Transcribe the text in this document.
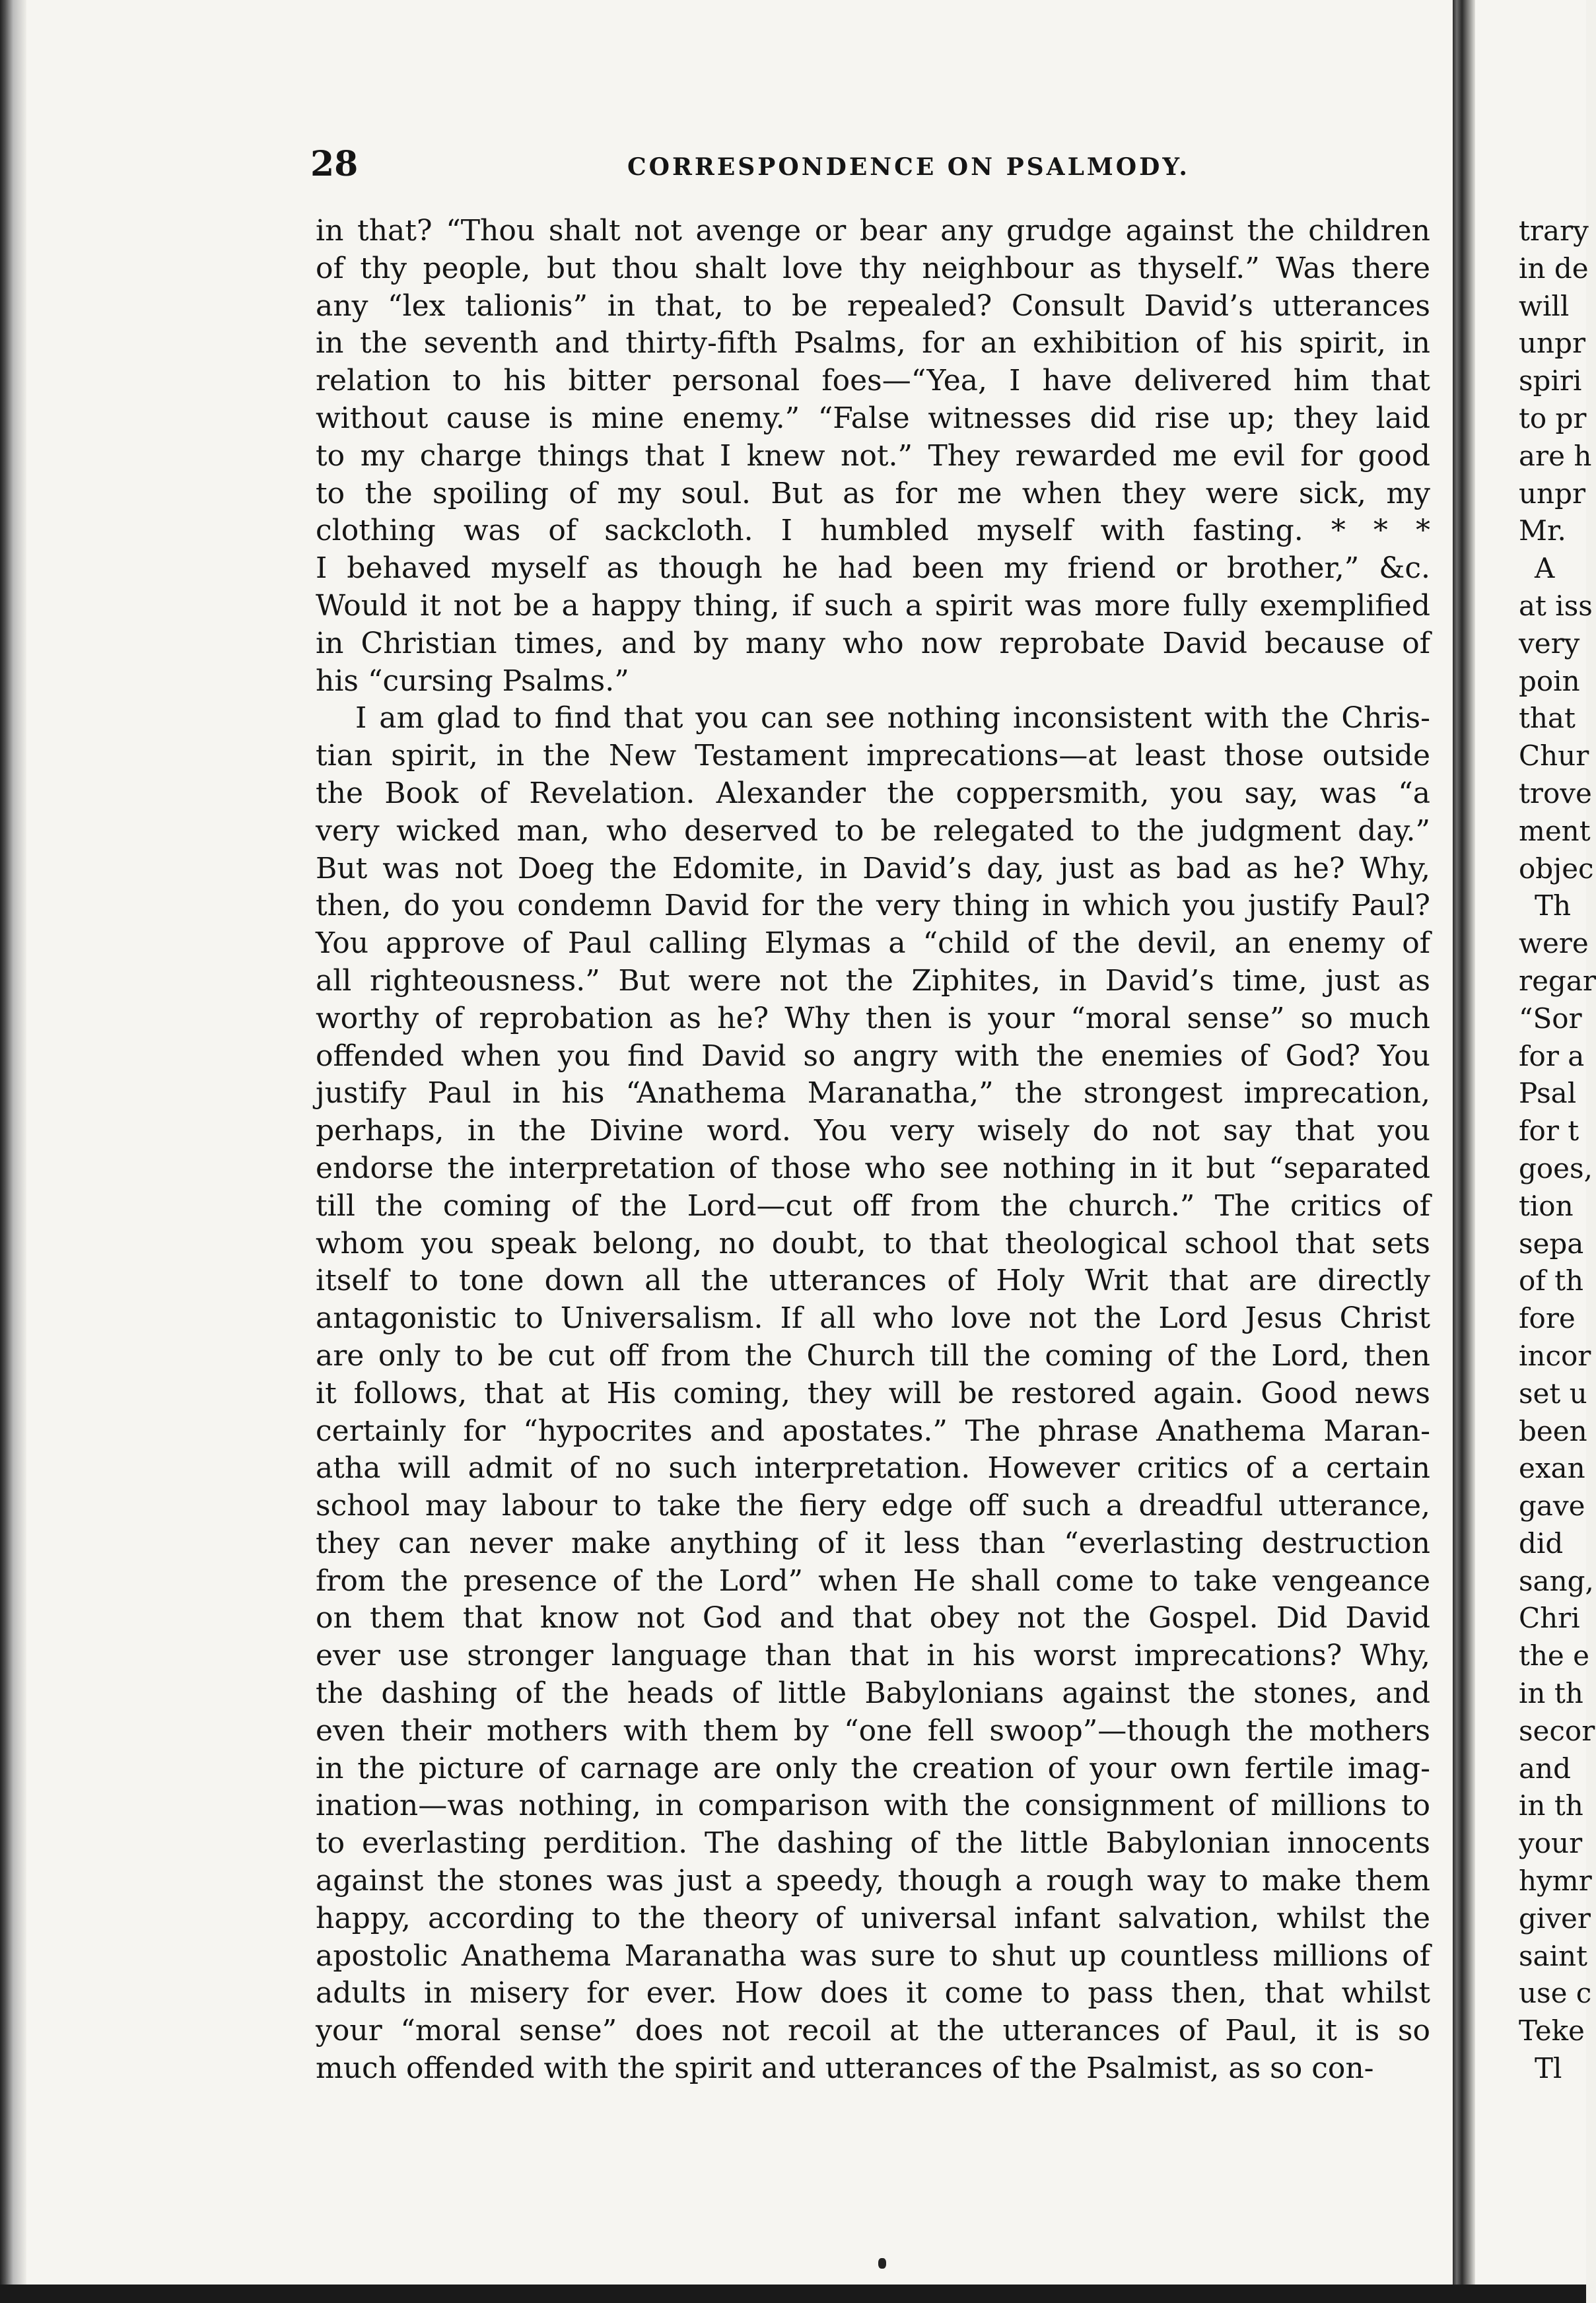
28	CORRESPONDENCE ON PSALMODY.
in that? “Thou shalt not avenge or bear any grudge against the children
of thy people, but thou shalt love thy neighbour as thyself.” Was there
any “lex talionis” in that, to be repealed? Consult David’s utterances
in the seventh and thirty-fifth Psalms, for an exhibition of his spirit, in
relation to his bitter personal foes—“Yea, I have delivered him that
without cause is mine enemy.” “False witnesses did rise up; they laid
to my charge things that I knew not.” They rewarded me evil for good
to the spoiling of my soul. But as for me when they were sick, my
clothing was of sackcloth. I humbled myself with fasting. * * *
I behaved myself as though he had been my friend or brother,” &c.
Would it not be a happy thing, if such a spirit was more fully exemplified
in Christian times, and by many who now reprobate David because of
his “cursing Psalms.”
I am glad to find that you can see nothing inconsistent with the Chris-
tian spirit, in the New Testament imprecations—at least those outside
the Book of Revelation. Alexander the coppersmith, you say, was “a
very wicked man, who deserved to be relegated to the judgment day.”
But was not Doeg the Edomite, in David’s day, just as bad as he? Why,
then, do you condemn David for the very thing in which you justify Paul?
You approve of Paul calling Elymas a “child of the devil, an enemy of
all righteousness.” But were not the Ziphites, in David’s time, just as
worthy of reprobation as he? Why then is your “moral sense” so much
offended when you find David so angry with the enemies of God? You
justify Paul in his “Anathema Maranatha,” the strongest imprecation,
perhaps, in the Divine word. You very wisely do not say that you
endorse the interpretation of those who see nothing in it but “separated
till the coming of the Lord—cut off from the church.” The critics of
whom you speak belong, no doubt, to that theological school that sets
itself to tone down all the utterances of Holy Writ that are directly
antagonistic to Universalism. If all who love not the Lord Jesus Christ
are only to be cut off from the Church till the coming of the Lord, then
it follows, that at His coming, they will be restored again. Good news
certainly for “hypocrites and apostates.” The phrase Anathema Maran-
atha will admit of no such interpretation. However critics of a certain
school may labour to take the fiery edge off such a dreadful utterance,
they can never make anything of it less than “everlasting destruction
from the presence of the Lord” when He shall come to take vengeance
on them that know not God and that obey not the Gospel. Did David
ever use stronger language than that in his worst imprecations? Why,
the dashing of the heads of little Babylonians against the stones, and
even their mothers with them by “one fell swoop”—though the mothers
in the picture of carnage are only the creation of your own fertile imag-
ination—was nothing, in comparison with the consignment of millions to
to everlasting perdition. The dashing of the little Babylonian innocents
against the stones was just a speedy, though a rough way to make them
happy, according to the theory of universal infant salvation, whilst the
apostolic Anathema Maranatha was sure to shut up countless millions of
adults in misery for ever. How does it come to pass then, that whilst
your “moral sense” does not recoil at the utterances of Paul, it is so
much offended with the spirit and utterances of the Psalmist, as so con-
trary
in de
will
unpr
spiri
to pr
are h
unpr
Mr.
A
at iss
very
poin
that
Chur
trove
ment
objec
Th
were
regar
“Sor
for a
Psal
for t
goes,
tion
sepa
of th
fore
incor
set u
been
exan
gave
did
sang,
Chri
the e
in th
secor
and
in th
your
hymr
giver
saint
use c
Teke
Tl
